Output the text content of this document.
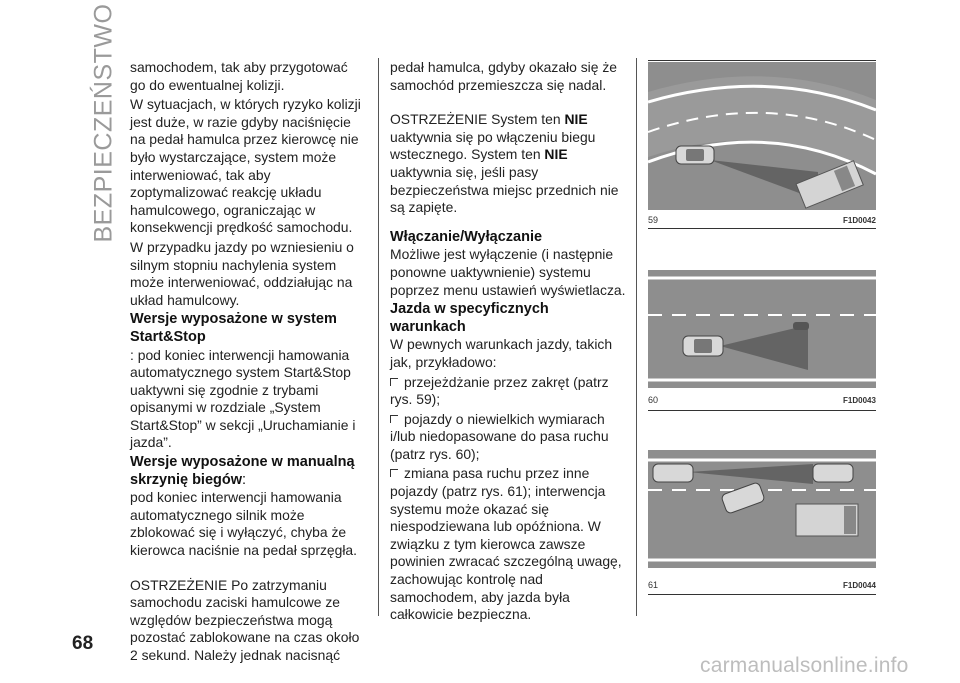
BEZPIECZEŃSTWO samochodem, tak aby przygotować go do ewentualnej kolizji.

W sytuacjach, w których ryzyko kolizji jest duże, w razie gdyby naciśnięcie na pedał hamulca przez kierowcę nie było wystarczające, system może interweniować, tak aby zoptymalizować reakcję układu hamulcowego, ograniczając w konsekwencji prędkość samochodu.

W przypadku jazdy po wzniesieniu o silnym stopniu nachylenia system może interweniować, oddziałując na układ hamulcowy.

Wersje wyposażone w system Start&Stop

: pod koniec interwencji hamowania automatycznego system Start&Stop uaktywni się zgodnie z trybami opisanymi w rozdziale „System Start&Stop” w sekcji „Uruchamianie i jazda”.

Wersje wyposażone w manualną skrzynię biegów:

pod koniec interwencji hamowania automatycznego silnik może zblokować się i wyłączyć, chyba że kierowca naciśnie na pedał sprzęgła.

OSTRZEŻENIE Po zatrzymaniu samochodu zaciski hamulcowe ze względów bezpieczeństwa mogą pozostać zablokowane na czas około 2 sekund. Należy jednak nacisnąć

pedał hamulca, gdyby okazało się że samochód przemieszcza się nadal.

OSTRZEŻENIE System ten NIE uaktywnia się po włączeniu biegu wstecznego. System ten NIE uaktywnia się, jeśli pasy bezpieczeństwa miejsc przednich nie są zapięte.

Włączanie/Wyłączanie

Możliwe jest wyłączenie (i następnie ponowne uaktywnienie) systemu poprzez menu ustawień wyświetlacza.

Jazda w specyficznych warunkach

W pewnych warunkach jazdy, takich jak, przykładowo:

przejeżdżanie przez zakręt (patrz rys. 59);

pojazdy o niewielkich wymiarach i/lub niedopasowane do pasa ruchu (patrz rys. 60);

zmiana pasa ruchu przez inne pojazdy (patrz rys. 61); interwencja systemu może okazać się niespodziewana lub opóźniona. W związku z tym kierowca zawsze powinien zwracać szczególną uwagę, zachowując kontrolę nad samochodem, aby jazda była całkowicie bezpieczna.

59	F1D0042
60	F1D0043
61	F1D0044
68
carmanualsonline.info
